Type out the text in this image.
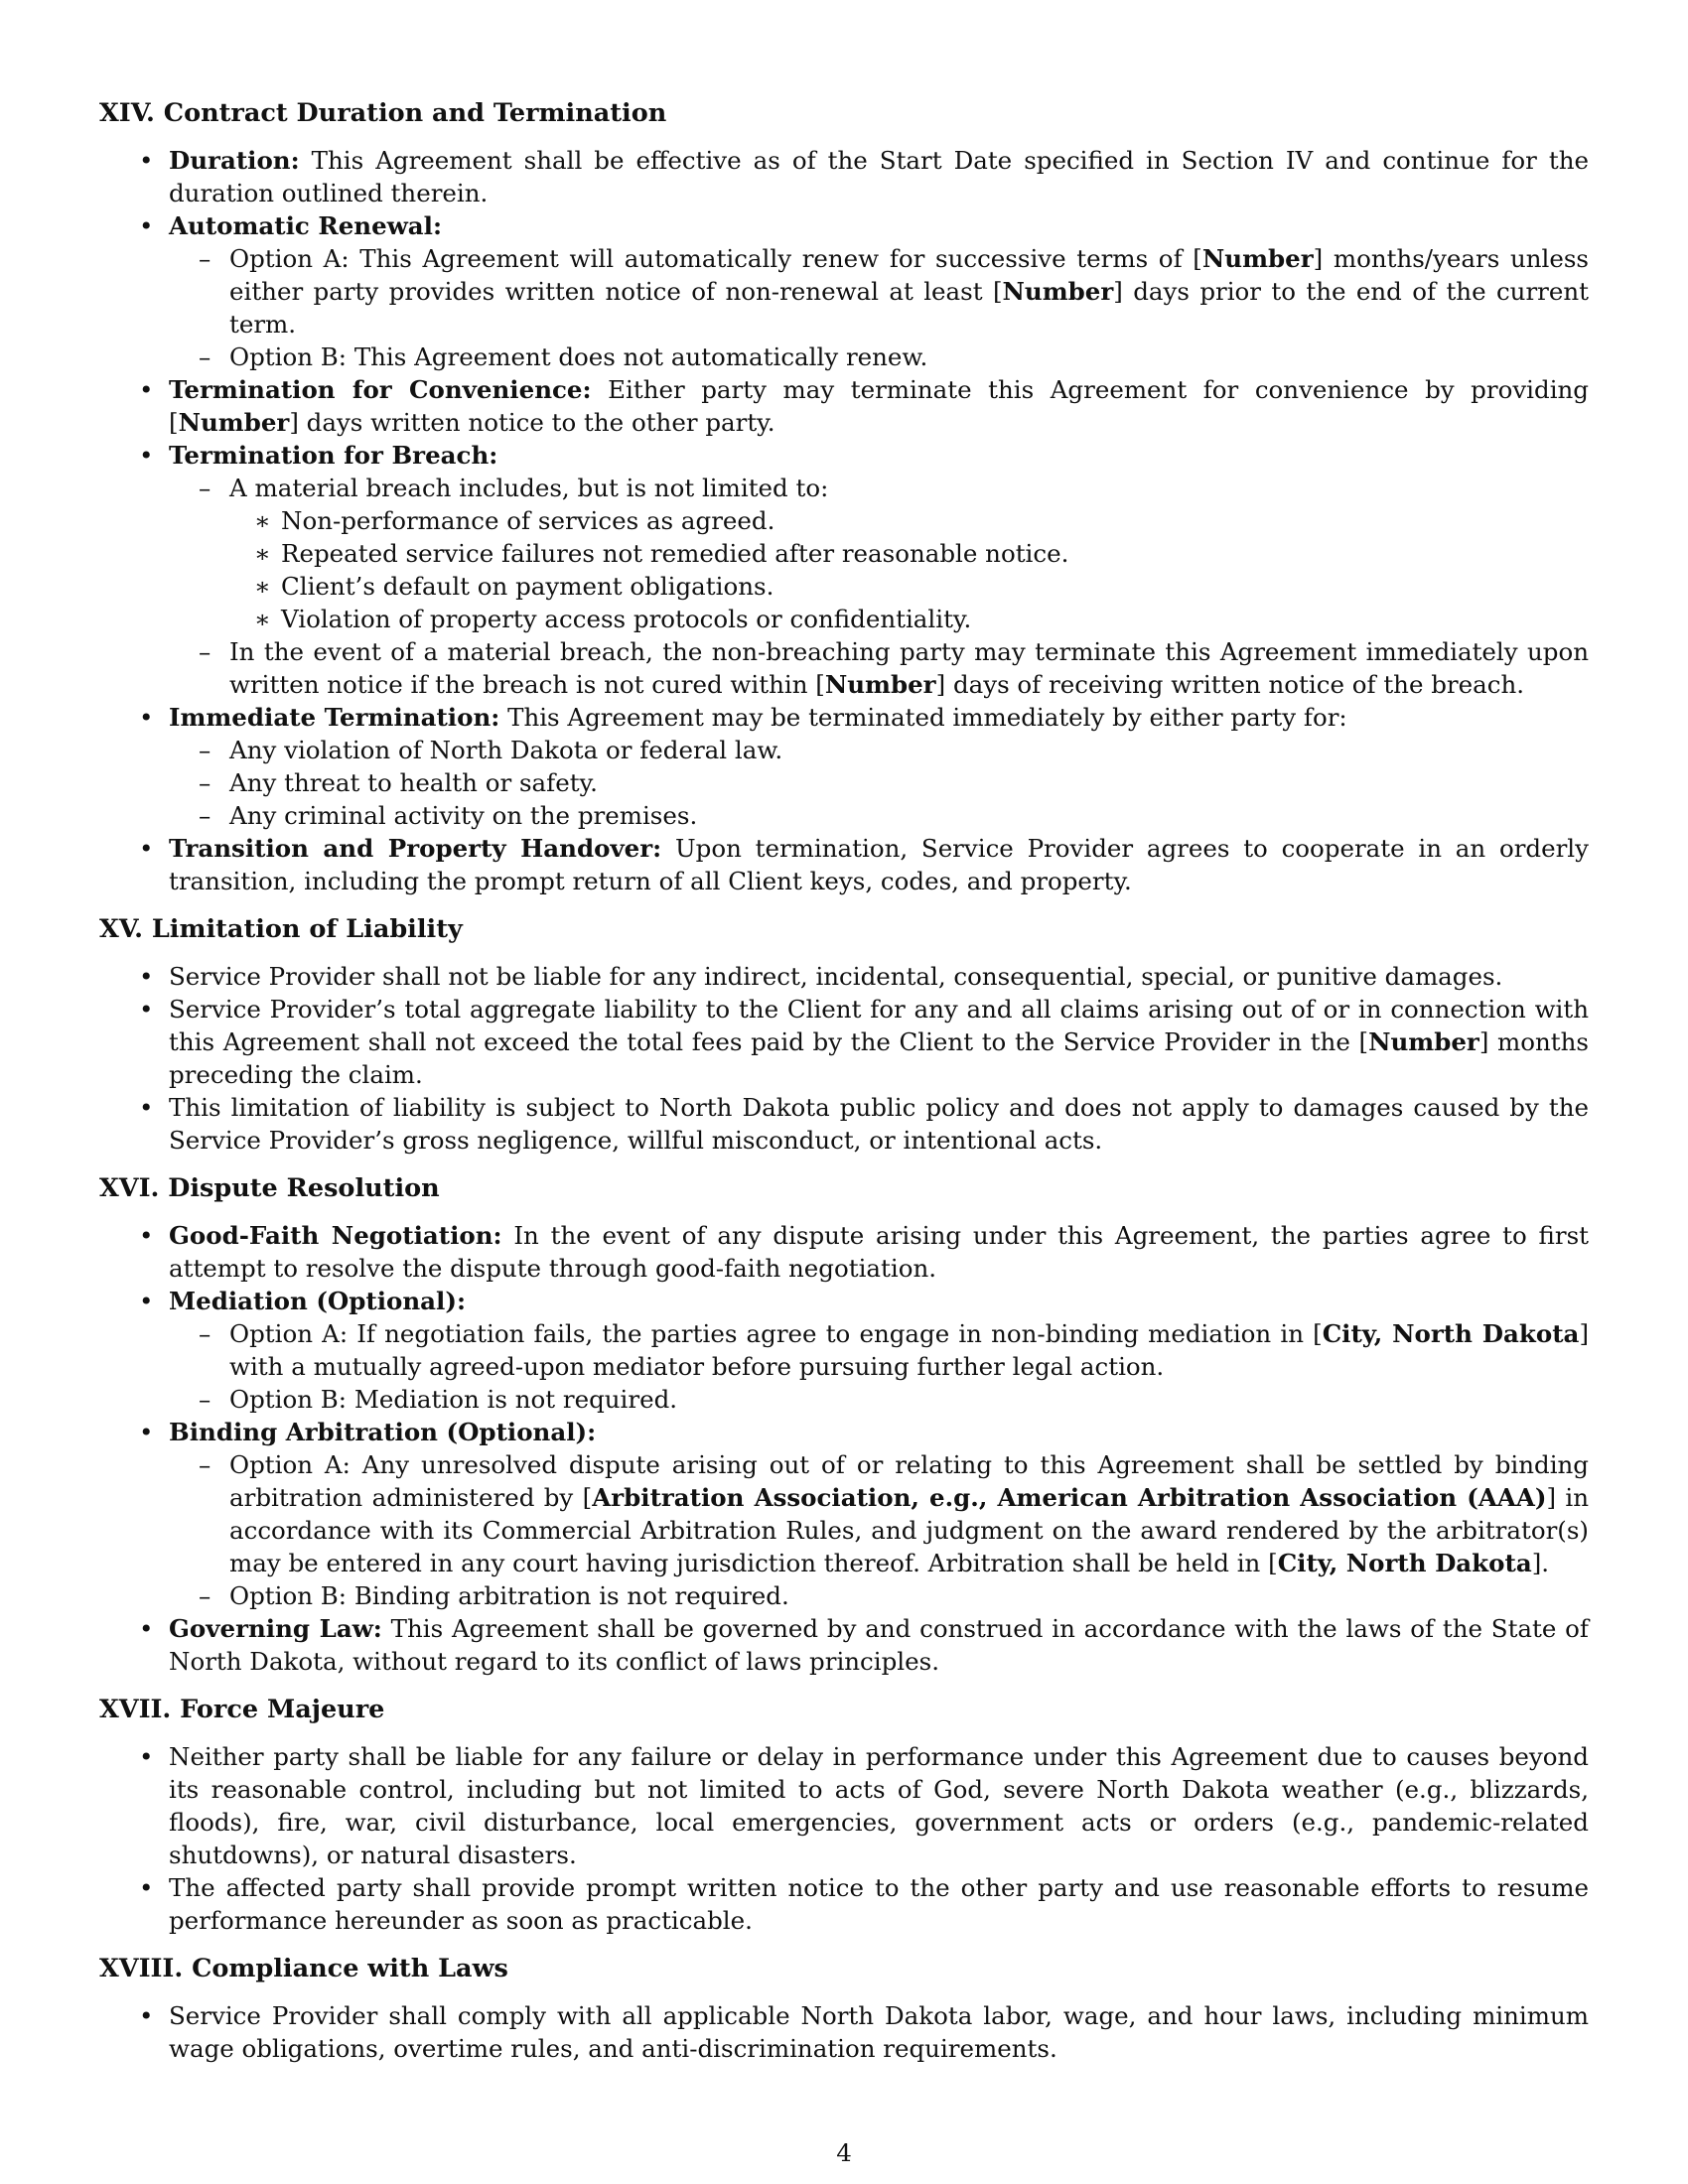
XIV. Contract Duration and Termination
• Duration: This Agreement shall be effective as of the Start Date specified in Section IV and continue for the duration outlined therein.
• Automatic Renewal:
– Option A: This Agreement will automatically renew for successive terms of [Number] months/years unless either party provides written notice of non-renewal at least [Number] days prior to the end of the current term.
– Option B: This Agreement does not automatically renew.
• Termination for Convenience: Either party may terminate this Agreement for convenience by providing [Number] days written notice to the other party.
• Termination for Breach:
– A material breach includes, but is not limited to:
∗ Non-performance of services as agreed.
∗ Repeated service failures not remedied after reasonable notice.
∗ Client’s default on payment obligations.
∗ Violation of property access protocols or confidentiality.
– In the event of a material breach, the non-breaching party may terminate this Agreement immediately upon written notice if the breach is not cured within [Number] days of receiving written notice of the breach.
• Immediate Termination: This Agreement may be terminated immediately by either party for:
– Any violation of North Dakota or federal law.
– Any threat to health or safety.
– Any criminal activity on the premises.
• Transition and Property Handover: Upon termination, Service Provider agrees to cooperate in an orderly transition, including the prompt return of all Client keys, codes, and property.
XV. Limitation of Liability
• Service Provider shall not be liable for any indirect, incidental, consequential, special, or punitive damages.
• Service Provider’s total aggregate liability to the Client for any and all claims arising out of or in connection with this Agreement shall not exceed the total fees paid by the Client to the Service Provider in the [Number] months preceding the claim.
• This limitation of liability is subject to North Dakota public policy and does not apply to damages caused by the Service Provider’s gross negligence, willful misconduct, or intentional acts.
XVI. Dispute Resolution
• Good-Faith Negotiation: In the event of any dispute arising under this Agreement, the parties agree to first attempt to resolve the dispute through good-faith negotiation.
• Mediation (Optional):
– Option A: If negotiation fails, the parties agree to engage in non-binding mediation in [City, North Dakota] with a mutually agreed-upon mediator before pursuing further legal action.
– Option B: Mediation is not required.
• Binding Arbitration (Optional):
– Option A: Any unresolved dispute arising out of or relating to this Agreement shall be settled by binding arbitration administered by [Arbitration Association, e.g., American Arbitration Association (AAA)] in accordance with its Commercial Arbitration Rules, and judgment on the award rendered by the arbitrator(s) may be entered in any court having jurisdiction thereof. Arbitration shall be held in [City, North Dakota].
– Option B: Binding arbitration is not required.
• Governing Law: This Agreement shall be governed by and construed in accordance with the laws of the State of North Dakota, without regard to its conflict of laws principles.
XVII. Force Majeure
• Neither party shall be liable for any failure or delay in performance under this Agreement due to causes beyond its reasonable control, including but not limited to acts of God, severe North Dakota weather (e.g., blizzards, floods), fire, war, civil disturbance, local emergencies, government acts or orders (e.g., pandemic-related shutdowns), or natural disasters.
• The affected party shall provide prompt written notice to the other party and use reasonable efforts to resume performance hereunder as soon as practicable.
XVIII. Compliance with Laws
• Service Provider shall comply with all applicable North Dakota labor, wage, and hour laws, including minimum wage obligations, overtime rules, and anti-discrimination requirements.
4
